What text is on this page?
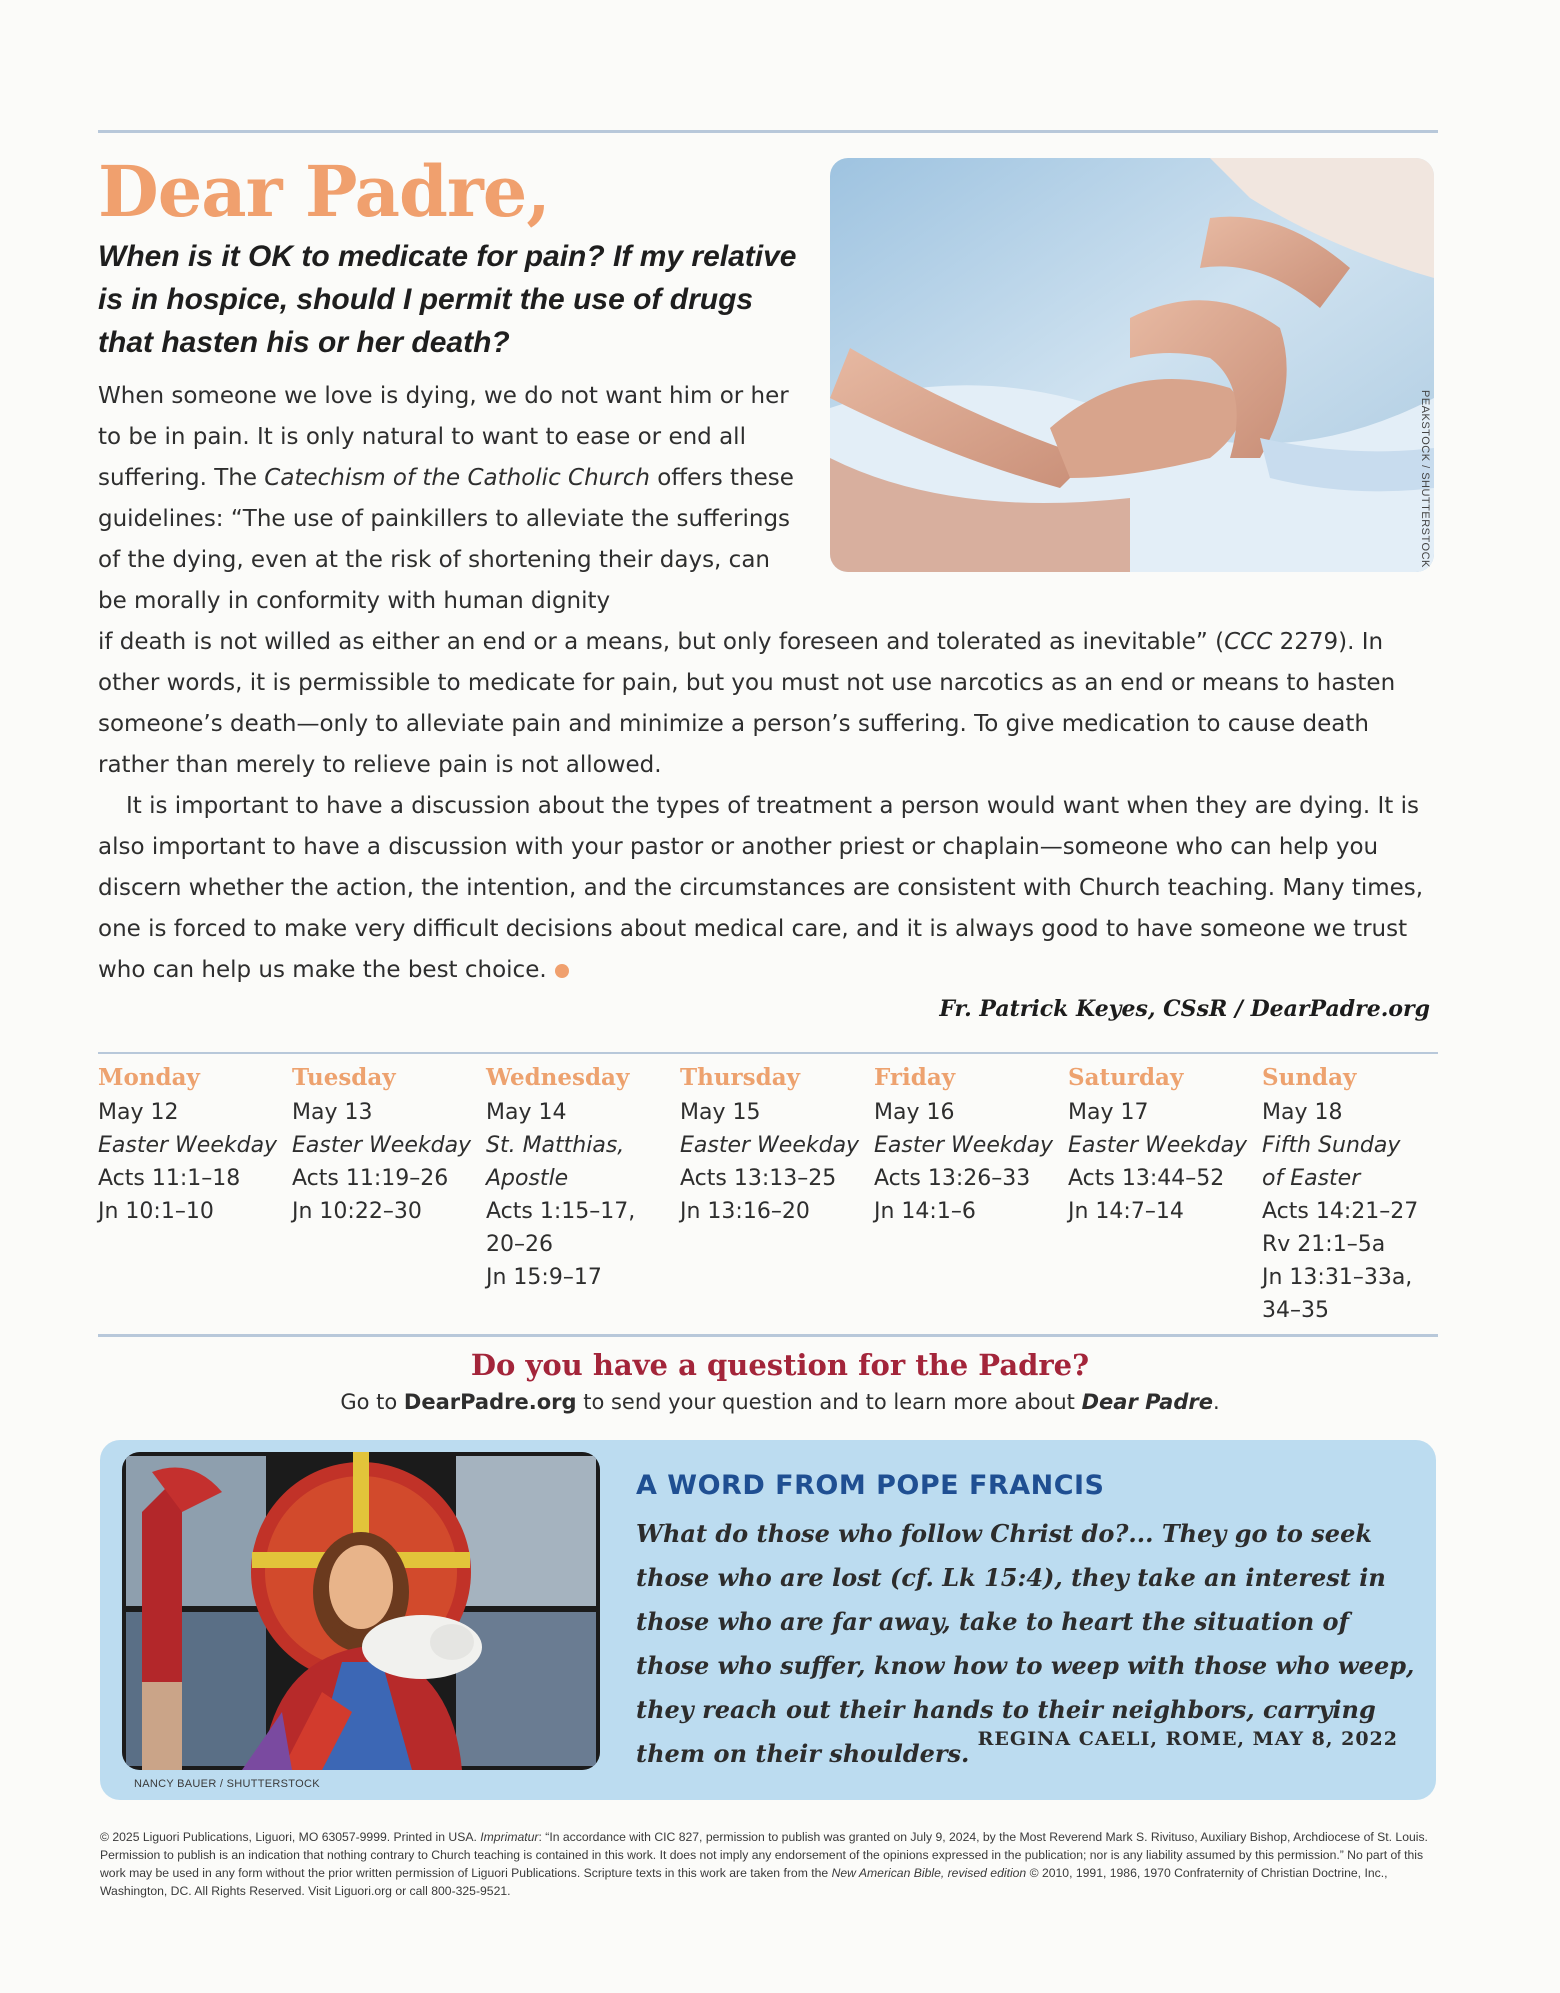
Dear Padre,

When is it OK to medicate for pain? If my relative is in hospice, should I permit the use of drugs that hasten his or her death?

PEAKSTOCK / SHUTTERSTOCK

When someone we love is dying, we do not want him or her to be in pain. It is only natural to want to ease or end all suffering. The Catechism of the Catholic Church offers these guidelines: “The use of painkillers to alleviate the sufferings of the dying, even at the risk of shortening their days, can be morally in conformity with human dignity

if death is not willed as either an end or a means, but only foreseen and tolerated as inevitable” (CCC 2279). In other words, it is permissible to medicate for pain, but you must not use narcotics as an end or means to hasten someone’s death—only to alleviate pain and minimize a person’s suffering. To give medication to cause death rather than merely to relieve pain is not allowed.

It is important to have a discussion about the types of treatment a person would want when they are dying. It is also important to have a discussion with your pastor or another priest or chaplain—someone who can help you discern whether the action, the intention, and the circumstances are consistent with Church teaching. Many times, one is forced to make very difficult decisions about medical care, and it is always good to have someone we trust who can help us make the best choice.

Fr. Patrick Keyes, CSsR / DearPadre.org

Monday
May 12
Easter Weekday
Acts 11:1–18
Jn 10:1–10
Tuesday
May 13
Easter Weekday
Acts 11:19–26
Jn 10:22–30
Wednesday
May 14
St. Matthias,
Apostle
Acts 1:15–17,
20–26
Jn 15:9–17
Thursday
May 15
Easter Weekday
Acts 13:13–25
Jn 13:16–20
Friday
May 16
Easter Weekday
Acts 13:26–33
Jn 14:1–6
Saturday
May 17
Easter Weekday
Acts 13:44–52
Jn 14:7–14
Sunday
May 18
Fifth Sunday
of Easter
Acts 14:21–27
Rv 21:1–5a
Jn 13:31–33a,
34–35

Do you have a question for the Padre?

Go to DearPadre.org to send your question and to learn more about Dear Padre.

NANCY BAUER / SHUTTERSTOCK
A WORD FROM POPE FRANCIS

What do those who follow Christ do?... They go to seek those who are lost (cf. Lk 15:4), they take an interest in those who are far away, take to heart the situation of those who suffer, know how to weep with those who weep, they reach out their hands to their neighbors, carrying them on their shoulders. REGINA CAELI, ROME, MAY 8, 2022

© 2025 Liguori Publications, Liguori, MO 63057-9999. Printed in USA. Imprimatur: “In accordance with CIC 827, permission to publish was granted on July 9, 2024, by the Most Reverend Mark S. Rivituso, Auxiliary Bishop, Archdiocese of St. Louis. Permission to publish is an indication that nothing contrary to Church teaching is contained in this work. It does not imply any endorsement of the opinions expressed in the publication; nor is any liability assumed by this permission.” No part of this work may be used in any form without the prior written permission of Liguori Publications. Scripture texts in this work are taken from the New American Bible, revised edition © 2010, 1991, 1986, 1970 Confraternity of Christian Doctrine, Inc., Washington, DC. All Rights Reserved. Visit Liguori.org or call 800-325-9521.
